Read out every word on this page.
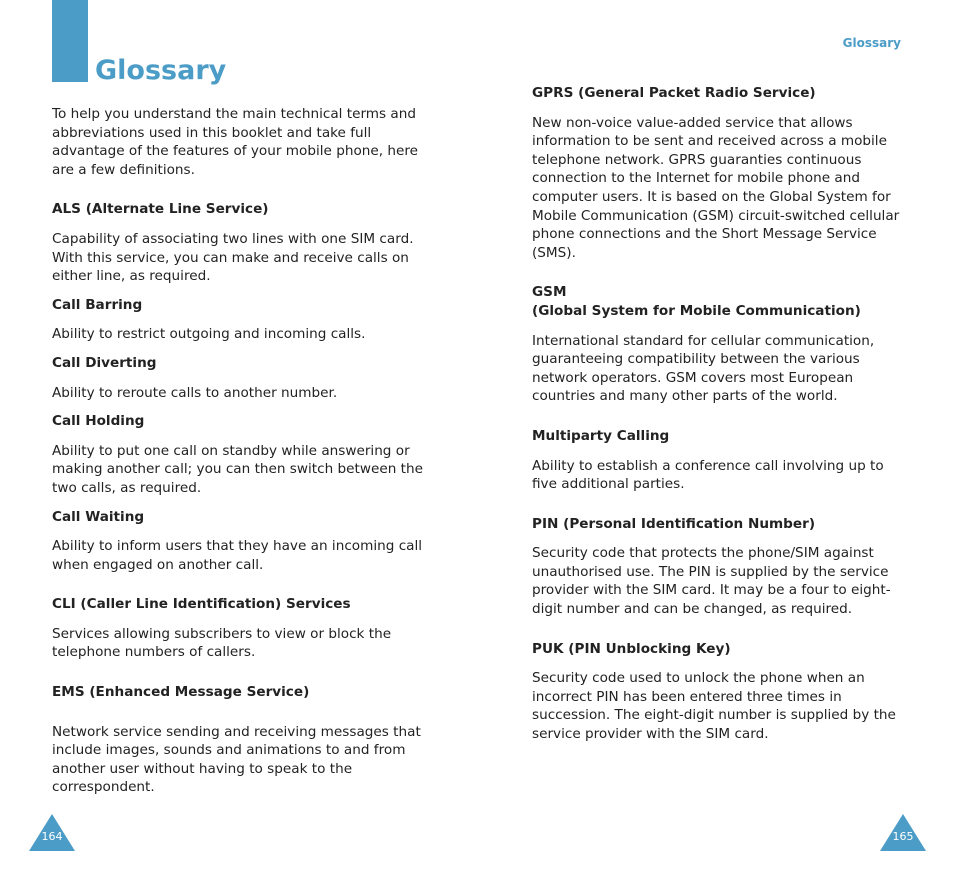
Glossary
Glossary

To help you understand the main technical terms and abbreviations used in this booklet and take full advantage of the features of your mobile phone, here are a few definitions.

ALS (Alternate Line Service)

Capability of associating two lines with one SIM card. With this service, you can make and receive calls on either line, as required.

Call Barring

Ability to restrict outgoing and incoming calls.

Call Diverting

Ability to reroute calls to another number.

Call Holding

Ability to put one call on standby while answering or making another call; you can then switch between the two calls, as required.

Call Waiting

Ability to inform users that they have an incoming call when engaged on another call.

CLI (Caller Line Identification) Services

Services allowing subscribers to view or block the telephone numbers of callers.

EMS (Enhanced Message Service)

Network service sending and receiving messages that include images, sounds and animations to and from another user without having to speak to the correspondent.

GPRS (General Packet Radio Service)

New non-voice value-added service that allows information to be sent and received across a mobile telephone network. GPRS guaranties continuous connection to the Internet for mobile phone and computer users. It is based on the Global System for Mobile Communication (GSM) circuit-switched cellular phone connections and the Short Message Service (SMS).

GSM
(Global System for Mobile Communication)

International standard for cellular communication, guaranteeing compatibility between the various network operators. GSM covers most European countries and many other parts of the world.

Multiparty Calling

Ability to establish a conference call involving up to five additional parties.

PIN (Personal Identification Number)

Security code that protects the phone/SIM against unauthorised use. The PIN is supplied by the service provider with the SIM card. It may be a four to eight-digit number and can be changed, as required.

PUK (PIN Unblocking Key)

Security code used to unlock the phone when an incorrect PIN has been entered three times in succession. The eight-digit number is supplied by the service provider with the SIM card.

164	165
